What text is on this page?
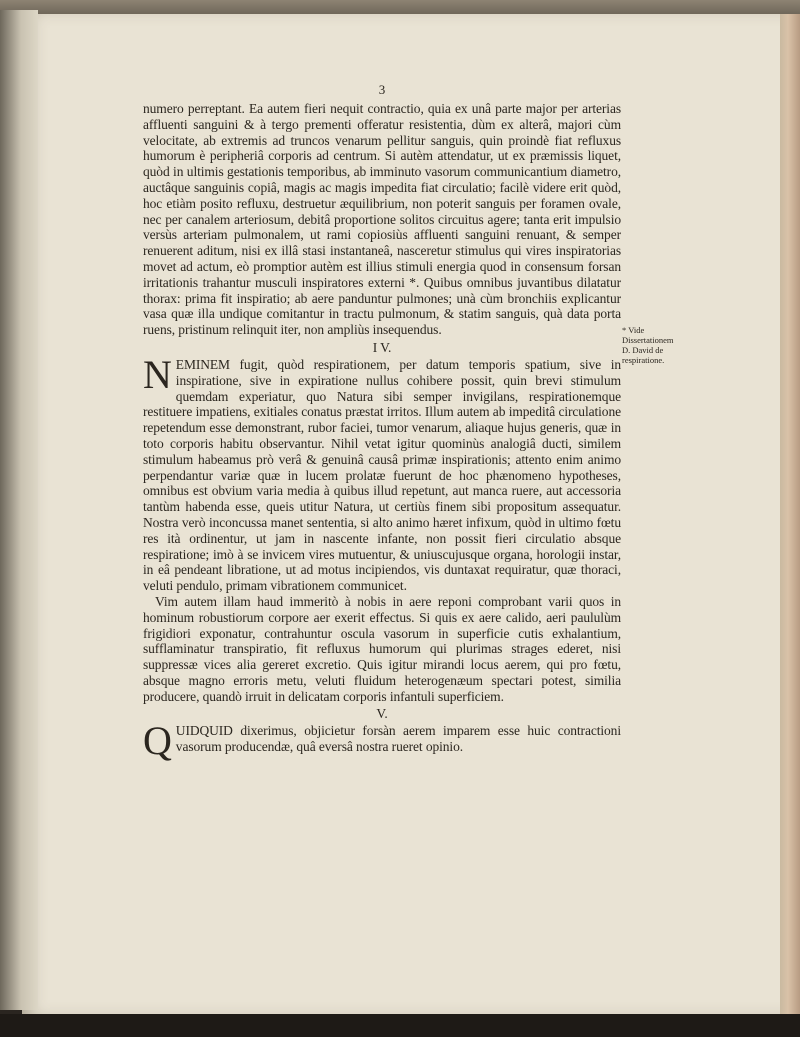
3

numero perreptant. Ea autem fieri nequit contractio, quia ex unâ parte major per arterias affluenti sanguini & à tergo prementi offeratur resistentia, dùm ex alterâ, majori cùm velocitate, ab extremis ad truncos venarum pellitur sanguis, quin proindè fiat refluxus humorum è peripheriâ corporis ad centrum. Si autèm attendatur, ut ex præmissis liquet, quòd in ultimis gestationis temporibus, ab imminuto vasorum communicantium diametro, auctâque sanguinis copiâ, magis ac magis impedita fiat circulatio; facilè videre erit quòd, hoc etiàm posito refluxu, destruetur æquilibrium, non poterit sanguis per foramen ovale, nec per canalem arteriosum, debitâ proportione solitos circuitus agere; tanta erit impulsio versùs arteriam pulmonalem, ut rami copiosiùs affluenti sanguini renuant, & semper renuerent aditum, nisi ex illâ stasi instantaneâ, nasceretur stimulus qui vires inspiratorias movet ad actum, eò promptior autèm est illius stimuli energia quod in consensum forsan irritationis trahantur musculi inspiratores externi *. Quibus omnibus juvantibus dilatatur thorax: prima fit inspiratio; ab aere panduntur pulmones; unà cùm bronchiis explicantur vasa quæ illa undique comitantur in tractu pulmonum, & statim sanguis, quà data porta ruens, pristinum relinquit iter, non ampliùs insequendus.

I V.

NEMINEM fugit, quòd respirationem, per datum temporis spatium, sive in inspiratione, sive in expiratione nullus cohibere possit, quin brevi stimulum quemdam experiatur, quo Natura sibi semper invigilans, respirationemque restituere impatiens, exitiales conatus præstat irritos. Illum autem ab impeditâ circulatione repetendum esse demonstrant, rubor faciei, tumor venarum, aliaque hujus generis, quæ in toto corporis habitu observantur. Nihil vetat igitur quominùs analogiâ ducti, similem stimulum habeamus prò verâ & genuinâ causâ primæ inspirationis; attento enim animo perpendantur variæ quæ in lucem prolatæ fuerunt de hoc phænomeno hypotheses, omnibus est obvium varia media à quibus illud repetunt, aut manca ruere, aut accessoria tantùm habenda esse, queis utitur Natura, ut certiùs finem sibi propositum assequatur. Nostra verò inconcussa manet sententia, si alto animo hæret infixum, quòd in ultimo fœtu res ità ordinentur, ut jam in nascente infante, non possit fieri circulatio absque respiratione; imò à se invicem vires mutuentur, & uniuscujusque organa, horologii instar, in eâ pendeant libratione, ut ad motus incipiendos, vis duntaxat requiratur, quæ thoraci, veluti pendulo, primam vibrationem communicet.

Vim autem illam haud immeritò à nobis in aere reponi comprobant varii quos in hominum robustiorum corpore aer exerit effectus. Si quis ex aere calido, aeri paululùm frigidiori exponatur, contrahuntur oscula vasorum in superficie cutis exhalantium, sufflaminatur transpiratio, fit refluxus humorum qui plurimas strages ederet, nisi suppressæ vices alia gereret excretio. Quis igitur mirandi locus aerem, qui pro fœtu, absque magno erroris metu, veluti fluidum heterogenæum spectari potest, similia producere, quandò irruit in delicatam corporis infantuli superficiem.

V.

QUIDQUID dixerimus, objicietur forsàn aerem imparem esse huic contractioni vasorum producendæ, quâ eversâ nostra rueret opinio.

* Vide Dissertationem D. David de respiratione.
